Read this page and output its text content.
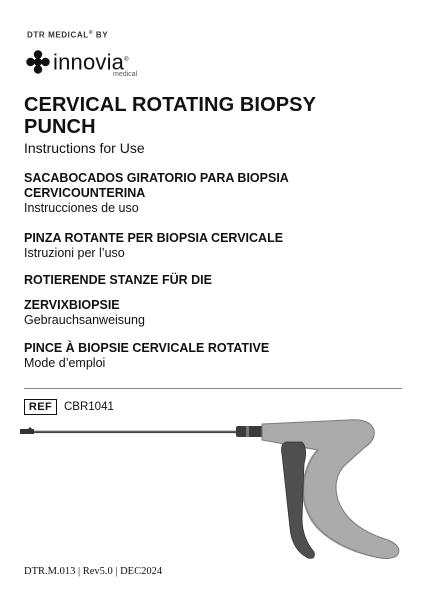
DTR MEDICAL® BY
innovia®
medical
CERVICAL ROTATING BIOPSY
PUNCH
Instructions for Use
SACABOCADOS GIRATORIO PARA BIOPSIA
CERVICOUNTERINA
Instrucciones de uso
PINZA ROTANTE PER BIOPSIA CERVICALE
Istruzioni per l’uso
ROTIERENDE STANZE FÜR DIE
ZERVIXBIOPSIE
Gebrauchsanweisung
PINCE À BIOPSIE CERVICALE ROTATIVE
Mode d’emploi
REF	CBR1041
DTR.M.013 | Rev5.0 | DEC2024
